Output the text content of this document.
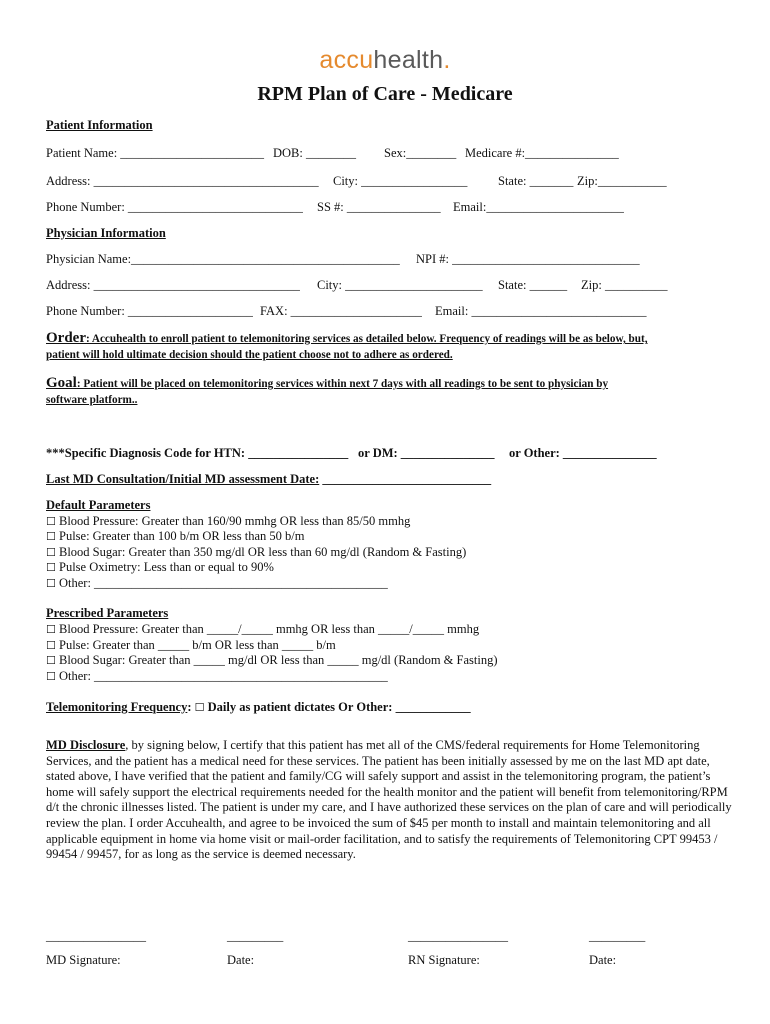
accuhealth.
RPM Plan of Care - Medicare
Patient Information
Patient Name: _______________________ DOB: ________ Sex:________ Medicare #:_______________
Address: ____________________________________ City: _________________ State: _______ Zip:___________
Phone Number: ____________________________ SS #: _______________ Email:______________________
Physician Information
Physician Name:___________________________________________ NPI #: ______________________________
Address: _________________________________ City: ______________________ State: ______ Zip: __________
Phone Number: ____________________ FAX: _____________________ Email: ____________________________
Order: Accuhealth to enroll patient to telemonitoring services as detailed below. Frequency of readings will be as below, but,
patient will hold ultimate decision should the patient choose not to adhere as ordered.
Goal: Patient will be placed on telemonitoring services within next 7 days with all readings to be sent to physician by
software platform..
***Specific Diagnosis Code for HTN: ________________ or DM: _______________ or Other: _______________
Last MD Consultation/Initial MD assessment Date: ___________________________
Default Parameters
☐ Blood Pressure: Greater than 160/90 mmhg OR less than 85/50 mmhg
☐ Pulse: Greater than 100 b/m OR less than 50 b/m
☐ Blood Sugar: Greater than 350 mg/dl OR less than 60 mg/dl (Random & Fasting)
☐ Pulse Oximetry: Less than or equal to 90%
☐ Other: _______________________________________________
Prescribed Parameters
☐ Blood Pressure: Greater than _____/_____ mmhg OR less than _____/_____ mmhg
☐ Pulse: Greater than _____ b/m OR less than _____ b/m
☐ Blood Sugar: Greater than _____ mg/dl OR less than _____ mg/dl (Random & Fasting)
☐ Other: _______________________________________________
Telemonitoring Frequency: ☐ Daily as patient dictates Or Other: ____________
MD Disclosure, by signing below, I certify that this patient has met all of the CMS/federal requirements for Home Telemonitoring Services, and the patient has a medical need for these services. The patient has been initially assessed by me on the last MD apt date, stated above, I have verified that the patient and family/CG will safely support and assist in the telemonitoring program, the patient’s home will safely support the electrical requirements needed for the health monitor and the patient will benefit from telemonitoring/RPM d/t the chronic illnesses listed. The patient is under my care, and I have authorized these services on the plan of care and will periodically review the plan. I order Accuhealth, and agree to be invoiced the sum of $45 per month to install and maintain telemonitoring and all applicable equipment in home via home visit or mail-order facilitation, and to satisfy the requirements of Telemonitoring CPT 99453 / 99454 / 99457, for as long as the service is deemed necessary.
________________	_________	________________	_________
MD Signature:	Date:	RN Signature:	Date:
